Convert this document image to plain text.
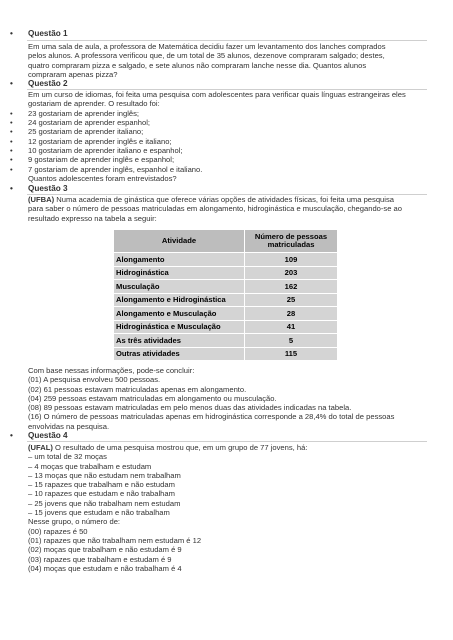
• Questão 1
Em uma sala de aula, a professora de Matemática decidiu fazer um levantamento dos lanches comprados
pelos alunos. A professora verificou que, de um total de 35 alunos, dezenove compraram salgado; destes,
quatro compraram pizza e salgado, e sete alunos não compraram lanche nesse dia. Quantos alunos
compraram apenas pizza?
• Questão 2
Em um curso de idiomas, foi feita uma pesquisa com adolescentes para verificar quais línguas estrangeiras eles
gostariam de aprender. O resultado foi:
• 23 gostariam de aprender inglês;
• 24 gostariam de aprender espanhol;
• 25 gostariam de aprender italiano;
• 12 gostariam de aprender inglês e italiano;
• 10 gostariam de aprender italiano e espanhol;
• 9 gostariam de aprender inglês e espanhol;
• 7 gostariam de aprender inglês, espanhol e italiano.
Quantos adolescentes foram entrevistados?
• Questão 3
(UFBA) Numa academia de ginástica que oferece várias opções de atividades físicas, foi feita uma pesquisa
para saber o número de pessoas matriculadas em alongamento, hidroginástica e musculação, chegando-se ao
resultado expresso na tabela a seguir:
Atividade	Número de pessoas
matriculadas

Alongamento	109
Hidroginástica	203
Musculação	162
Alongamento e Hidroginástica	25
Alongamento e Musculação	28
Hidroginástica e Musculação	41
As três atividades	5
Outras atividades	115
Com base nessas informações, pode-se concluir:
(01) A pesquisa envolveu 500 pessoas.
(02) 61 pessoas estavam matriculadas apenas em alongamento.
(04) 259 pessoas estavam matriculadas em alongamento ou musculação.
(08) 89 pessoas estavam matriculadas em pelo menos duas das atividades indicadas na tabela.
(16) O número de pessoas matriculadas apenas em hidroginástica corresponde a 28,4% do total de pessoas
envolvidas na pesquisa.
• Questão 4
(UFAL) O resultado de uma pesquisa mostrou que, em um grupo de 77 jovens, há:
– um total de 32 moças
– 4 moças que trabalham e estudam
– 13 moças que não estudam nem trabalham
– 15 rapazes que trabalham e não estudam
– 10 rapazes que estudam e não trabalham
– 25 jovens que não trabalham nem estudam
– 15 jovens que estudam e não trabalham
Nesse grupo, o número de:
(00) rapazes é 50
(01) rapazes que não trabalham nem estudam é 12
(02) moças que trabalham e não estudam é 9
(03) rapazes que trabalham e estudam é 9
(04) moças que estudam e não trabalham é 4
